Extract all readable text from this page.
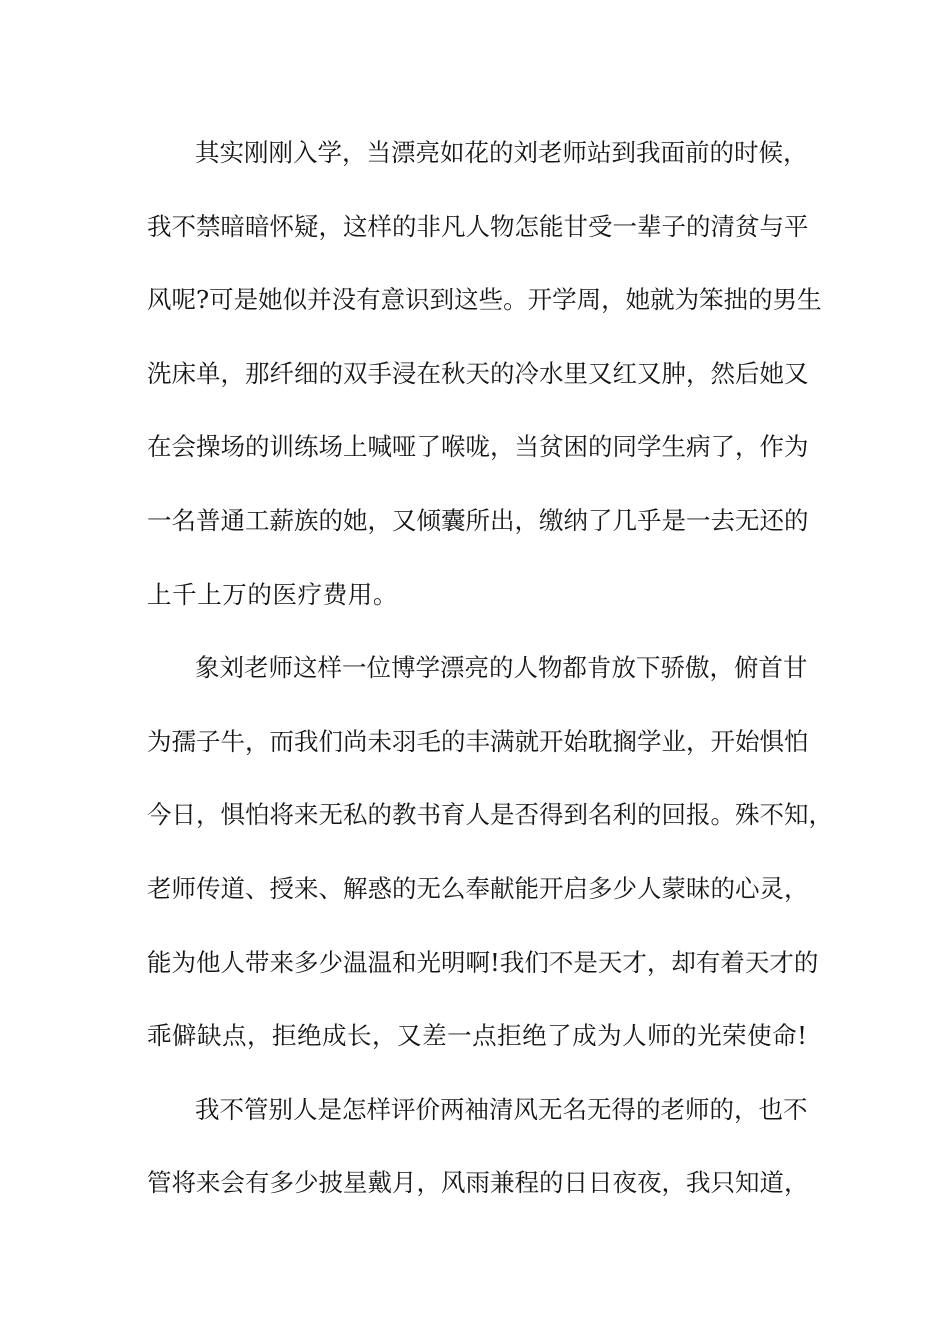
其实刚刚入学，当漂亮如花的刘老师站到我面前的时候，
我不禁暗暗怀疑，这样的非凡人物怎能甘受一辈子的清贫与平
风呢?可是她似并没有意识到这些。开学周，她就为笨拙的男生
洗床单，那纤细的双手浸在秋天的冷水里又红又肿，然后她又
在会操场的训练场上喊哑了喉咙，当贫困的同学生病了，作为
一名普通工薪族的她，又倾囊所出，缴纳了几乎是一去无还的
上千上万的医疗费用。
象刘老师这样一位博学漂亮的人物都肯放下骄傲，俯首甘
为孺子牛，而我们尚未羽毛的丰满就开始耽搁学业，开始惧怕
今日，惧怕将来无私的教书育人是否得到名利的回报。殊不知，
老师传道、授来、解惑的无么奉献能开启多少人蒙昧的心灵，
能为他人带来多少温温和光明啊!我们不是天才，却有着天才的
乖僻缺点，拒绝成长，又差一点拒绝了成为人师的光荣使命!
我不管别人是怎样评价两袖清风无名无得的老师的，也不
管将来会有多少披星戴月，风雨兼程的日日夜夜，我只知道，
